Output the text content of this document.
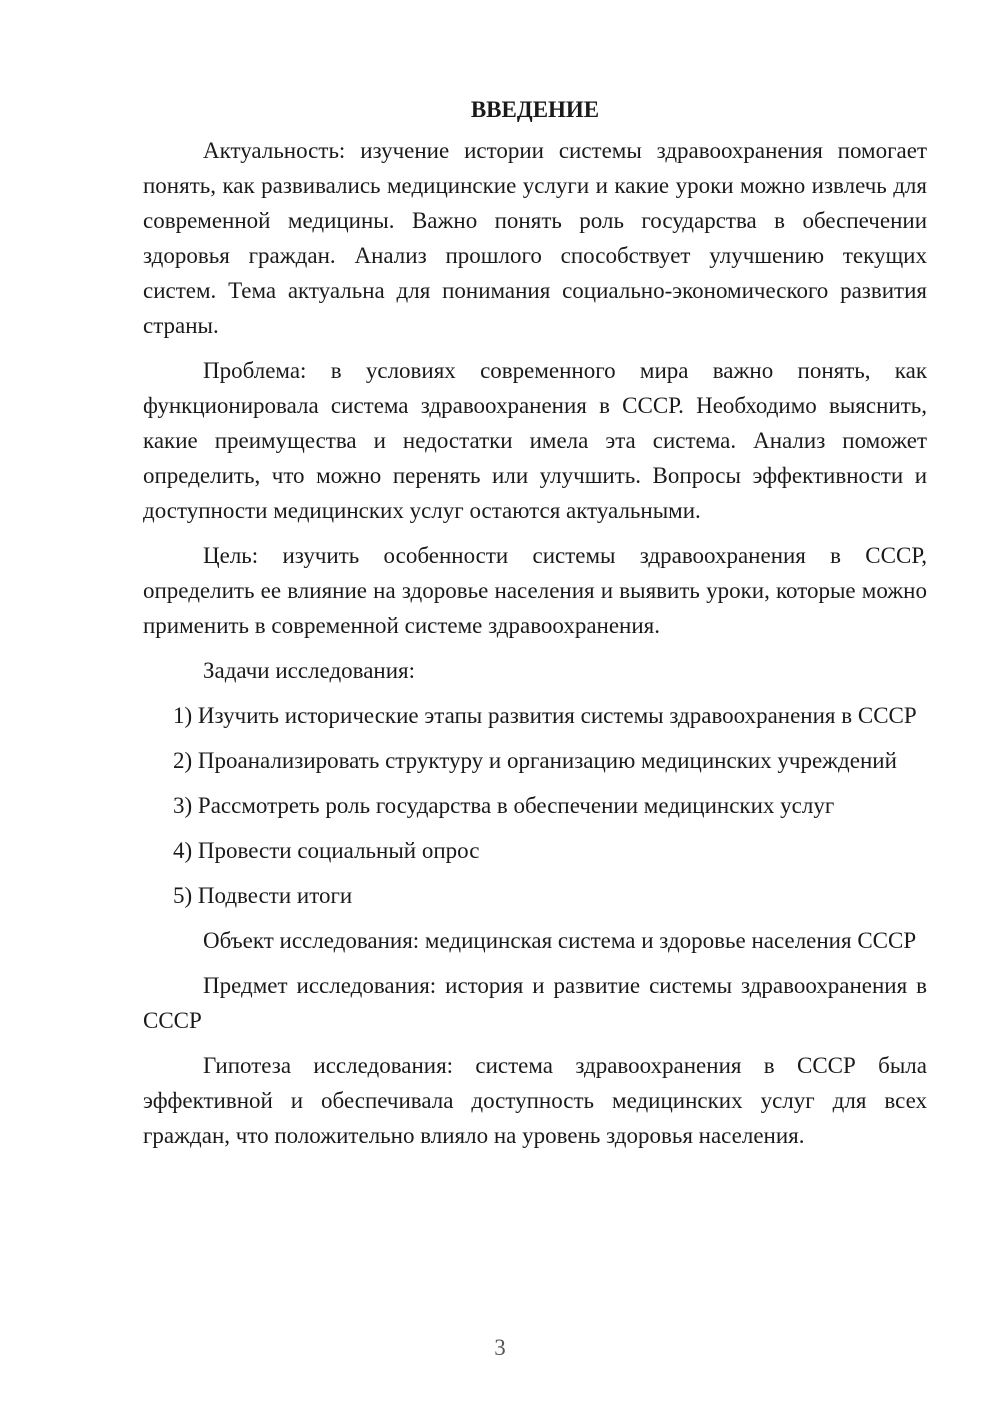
ВВЕДЕНИЕ

Актуальность: изучение истории системы здравоохранения помогает понять, как развивались медицинские услуги и какие уроки можно извлечь для современной медицины. Важно понять роль государства в обеспечении здоровья граждан. Анализ прошлого способствует улучшению текущих систем. Тема актуальна для понимания социально-экономического развития страны.

Проблема: в условиях современного мира важно понять, как функционировала система здравоохранения в СССР. Необходимо выяснить, какие преимущества и недостатки имела эта система. Анализ поможет определить, что можно перенять или улучшить. Вопросы эффективности и доступности медицинских услуг остаются актуальными.

Цель: изучить особенности системы здравоохранения в СССР, определить ее влияние на здоровье населения и выявить уроки, которые можно применить в современной системе здравоохранения.

Задачи исследования:

1) Изучить исторические этапы развития системы здравоохранения в СССР

2) Проанализировать структуру и организацию медицинских учреждений

3) Рассмотреть роль государства в обеспечении медицинских услуг

4) Провести социальный опрос

5) Подвести итоги

Объект исследования: медицинская система и здоровье населения СССР

Предмет исследования: история и развитие системы здравоохранения в СССР

Гипотеза исследования: система здравоохранения в СССР была эффективной и обеспечивала доступность медицинских услуг для всех граждан, что положительно влияло на уровень здоровья населения.

3
